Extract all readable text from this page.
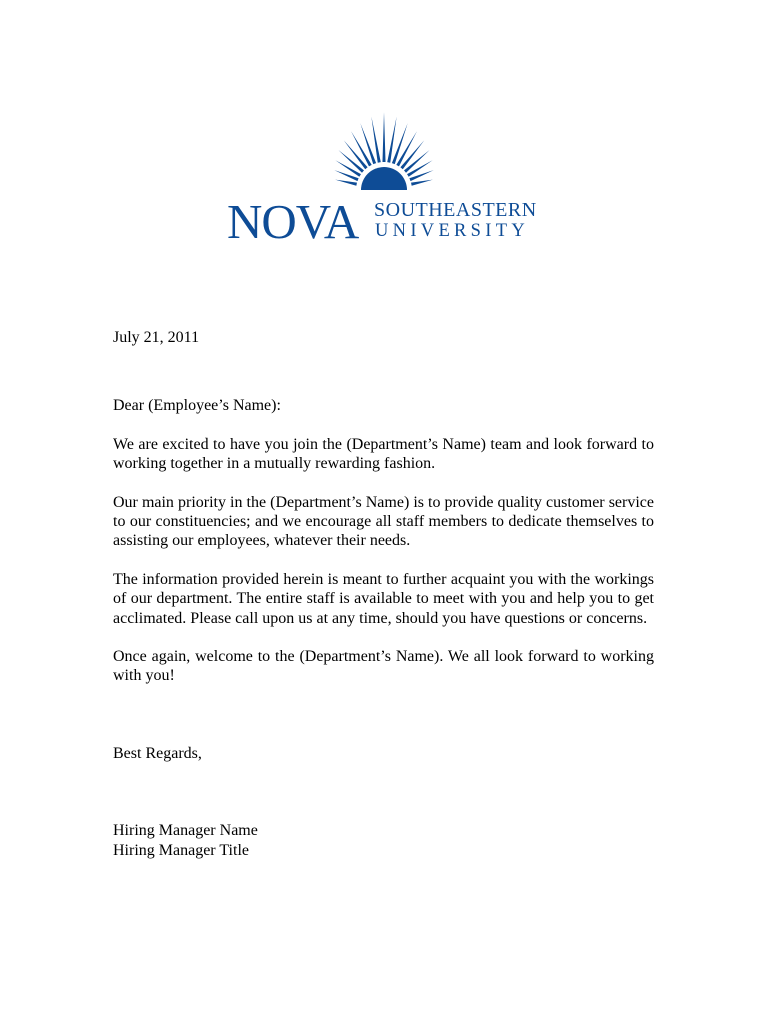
NOVA SOUTHEASTERN
UNIVERSITY

July 21, 2011

Dear (Employee’s Name):

We are excited to have you join the (Department’s Name) team and look forward to working together in a mutually rewarding fashion.

Our main priority in the (Department’s Name) is to provide quality customer service to our constituencies; and we encourage all staff members to dedicate themselves to assisting our employees, whatever their needs.

The information provided herein is meant to further acquaint you with the workings of our department. The entire staff is available to meet with you and help you to get acclimated. Please call upon us at any time, should you have questions or concerns.

Once again, welcome to the (Department’s Name). We all look forward to working with you!

Best Regards,

Hiring Manager Name

Hiring Manager Title
